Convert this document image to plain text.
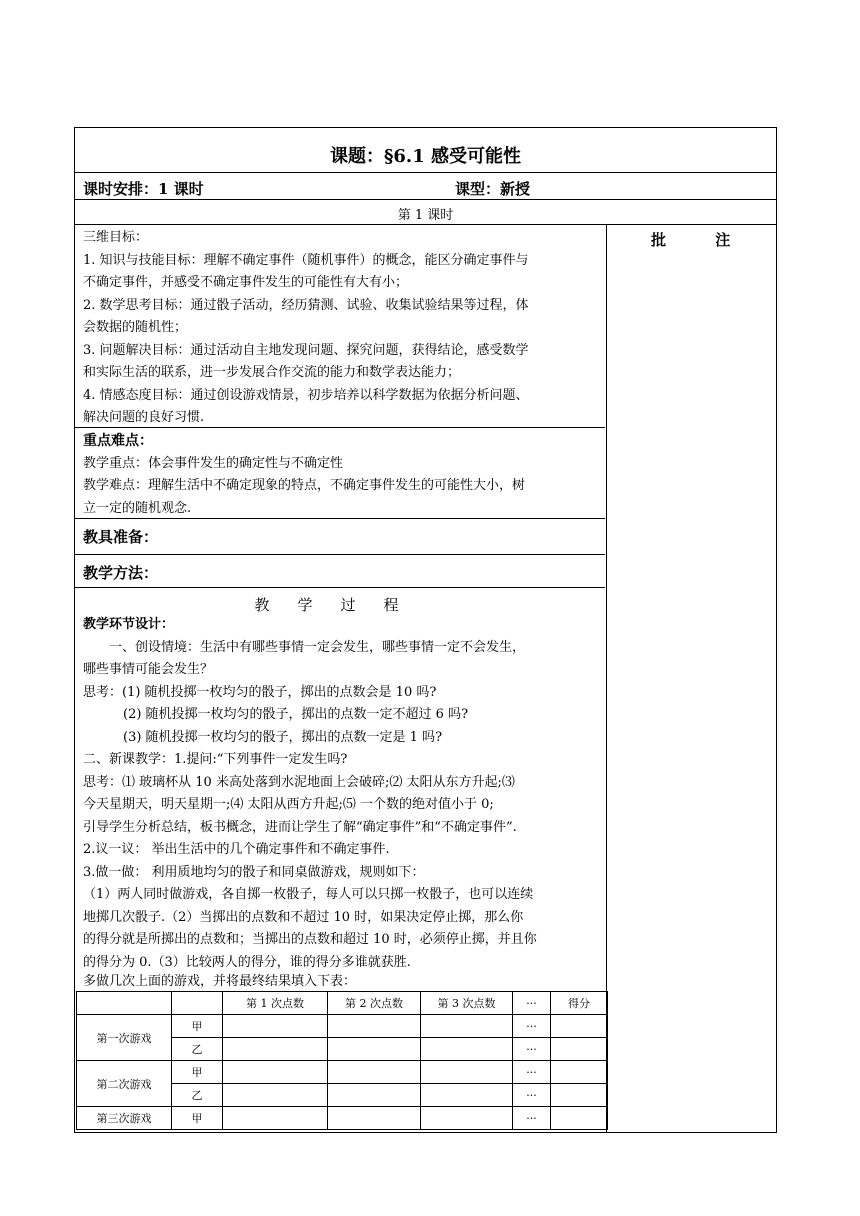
课题：§6.1 感受可能性
课时安排：1 课时	课型：新授
第 1 课时
批 注
三维目标：
1. 知识与技能目标：理解不确定事件（随机事件）的概念，能区分确定事件与
不确定事件，并感受不确定事件发生的可能性有大有小；
2. 数学思考目标：通过骰子活动，经历猜测、试验、收集试验结果等过程，体
会数据的随机性；
3. 问题解决目标：通过活动自主地发现问题、探究问题，获得结论，感受数学
和实际生活的联系，进一步发展合作交流的能力和数学表达能力；
4. 情感态度目标：通过创设游戏情景，初步培养以科学数据为依据分析问题、
解决问题的良好习惯.
重点难点：
教学重点：体会事件发生的确定性与不确定性
教学难点：理解生活中不确定现象的特点，不确定事件发生的可能性大小，树
立一定的随机观念.
教具准备：
教学方法：
教学过程
教学环节设计：
一、创设情境：生活中有哪些事情一定会发生，哪些事情一定不会发生，
哪些事情可能会发生？
思考：(1) 随机投掷一枚均匀的骰子，掷出的点数会是 10 吗?
(2) 随机投掷一枚均匀的骰子，掷出的点数一定不超过 6 吗?
(3) 随机投掷一枚均匀的骰子，掷出的点数一定是 1 吗?
二、新课教学：1.提问:“下列事件一定发生吗?
思考：⑴ 玻璃杯从 10 米高处落到水泥地面上会破碎;⑵ 太阳从东方升起;⑶
今天星期天，明天星期一;⑷ 太阳从西方升起;⑸ 一个数的绝对值小于 0;
引导学生分析总结，板书概念，进而让学生了解“确定事件”和“不确定事件”.
2.议一议： 举出生活中的几个确定事件和不确定事件.
3.做一做： 利用质地均匀的骰子和同桌做游戏，规则如下：
（1）两人同时做游戏，各自掷一枚骰子，每人可以只掷一枚骰子，也可以连续
地掷几次骰子.（2）当掷出的点数和不超过 10 时，如果决定停止掷，那么你
的得分就是所掷出的点数和；当掷出的点数和超过 10 时，必须停止掷，并且你
的得分为 0.（3）比较两人的得分，谁的得分多谁就获胜.
多做几次上面的游戏，并将最终结果填入下表：
		第 1 次点数	第 2 次点数	第 3 次点数	···	得分
第一次游戏	甲				···	
	乙				···	
第二次游戏	甲				···	
	乙				···	
第三次游戏	甲				···	
